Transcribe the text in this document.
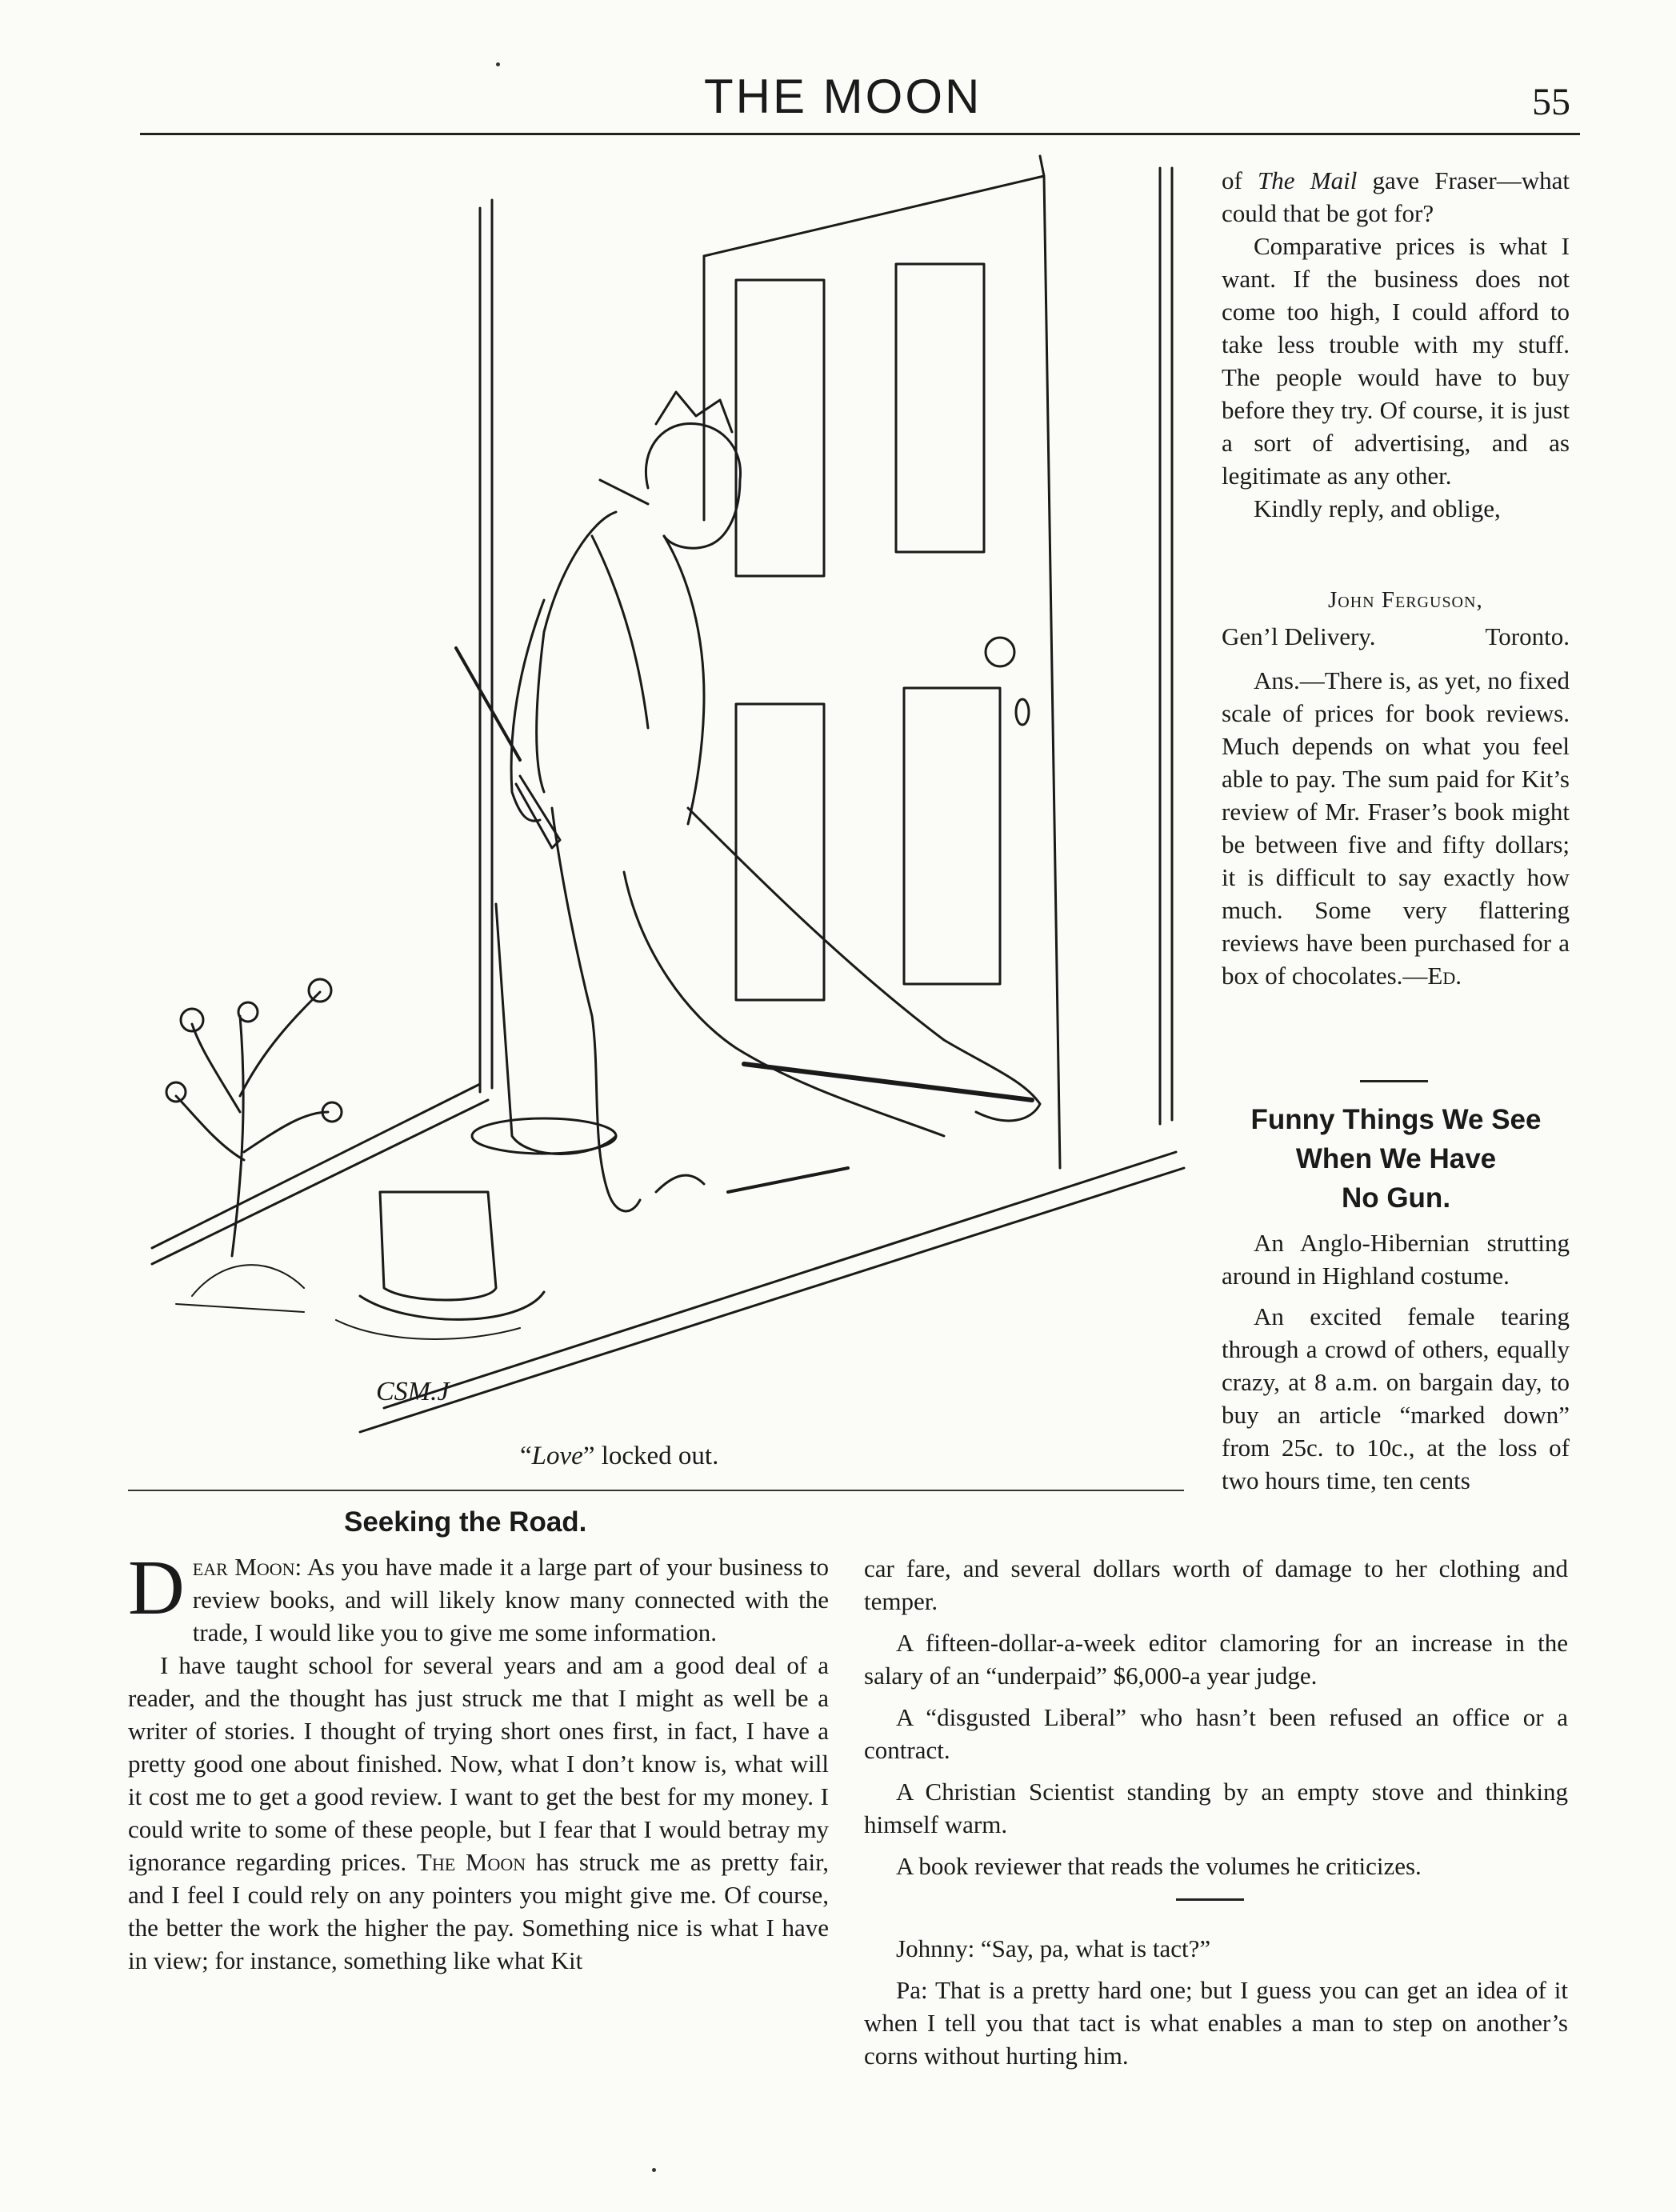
THE MOON	55
CSM.J
“Love” locked out.

of The Mail gave Fraser—what could that be got for?

Comparative prices is what I want. If the business does not come too high, I could afford to take less trouble with my stuff. The people would have to buy before they try. Of course, it is just a sort of advertising, and as legitimate as any other.

Kindly reply, and oblige,

John Ferguson,
Gen’l Delivery.	Toronto.

Ans.—There is, as yet, no fixed scale of prices for book reviews. Much depends on what you feel able to pay. The sum paid for Kit’s review of Mr. Fraser’s book might be between five and fifty dollars; it is difficult to say exactly how much. Some very flattering reviews have been purchased for a box of chocolates.—Ed.

Funny Things We See
When We Have
No Gun.

An Anglo-Hibernian strutting around in Highland costume.

An excited female tearing through a crowd of others, equally crazy, at 8 a.m. on bargain day, to buy an article “marked down” from 25c. to 10c., at the loss of two hours time, ten cents

Seeking the Road.

Dear Moon: As you have made it a large part of your business to review books, and will likely know many connected with the trade, I would like you to give me some information.

I have taught school for several years and am a good deal of a reader, and the thought has just struck me that I might as well be a writer of stories. I thought of trying short ones first, in fact, I have a pretty good one about finished. Now, what I don’t know is, what will it cost me to get a good review. I want to get the best for my money. I could write to some of these people, but I fear that I would betray my ignorance regarding prices. The Moon has struck me as pretty fair, and I feel I could rely on any pointers you might give me. Of course, the better the work the higher the pay. Something nice is what I have in view; for instance, something like what Kit

car fare, and several dollars worth of damage to her clothing and temper.

A fifteen-dollar-a-week editor clamoring for an increase in the salary of an “underpaid” $6,000-a year judge.

A “disgusted Liberal” who hasn’t been refused an office or a contract.

A Christian Scientist standing by an empty stove and thinking himself warm.

A book reviewer that reads the volumes he criticizes.

Johnny: “Say, pa, what is tact?”

Pa: That is a pretty hard one; but I guess you can get an idea of it when I tell you that tact is what enables a man to step on another’s corns without hurting him.
